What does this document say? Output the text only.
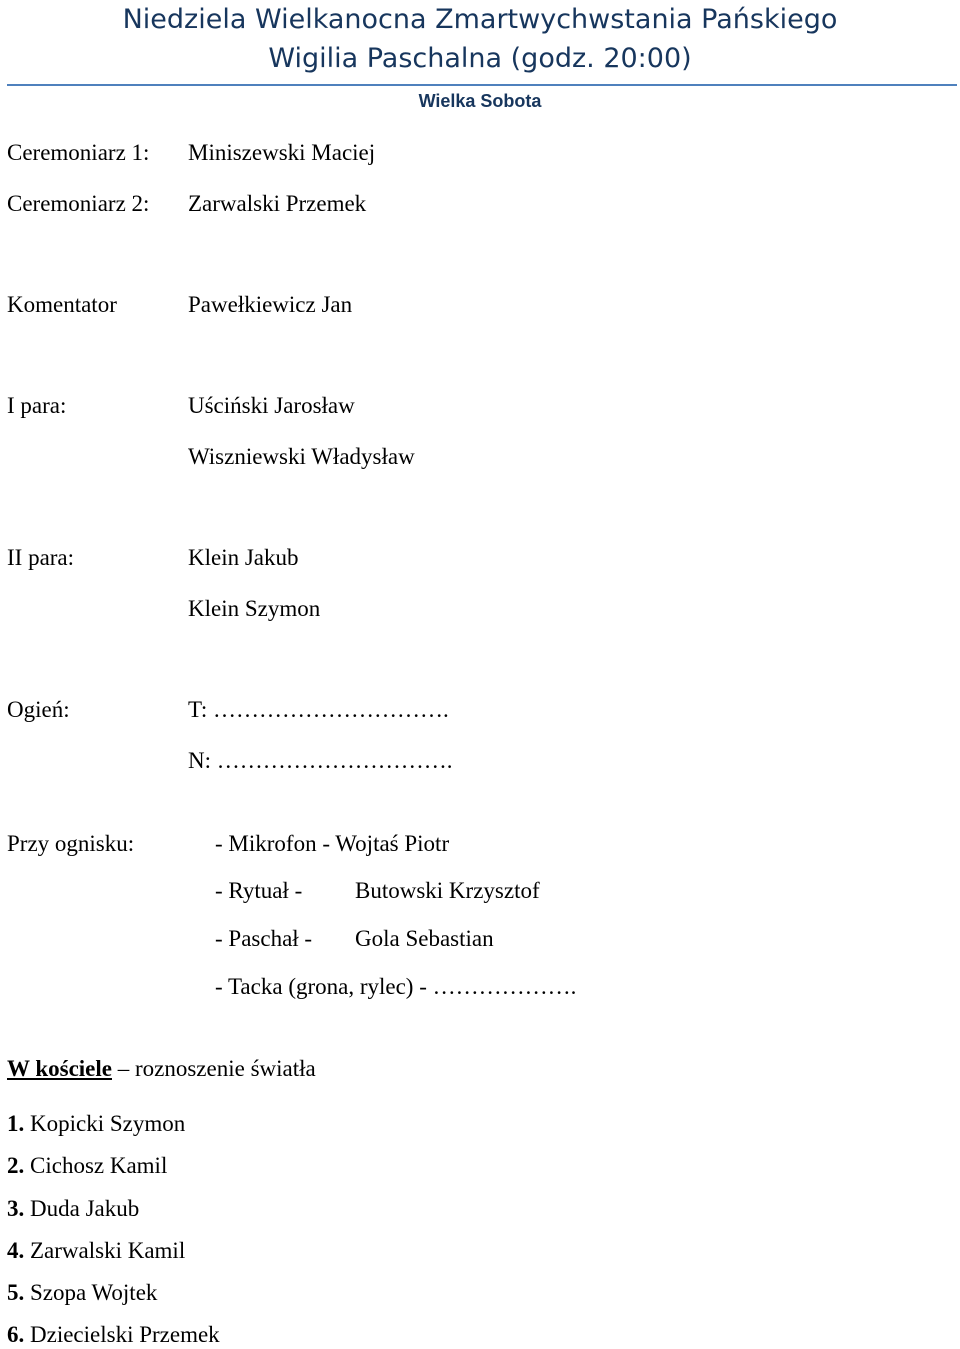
Niedziela Wielkanocna Zmartwychwstania Pańskiego
Wigilia Paschalna (godz. 20:00)
Wielka Sobota
Ceremoniarz 1: Miniszewski Maciej
Ceremoniarz 2: Zarwalski Przemek
Komentator	Pawełkiewicz Jan
I para:	Uściński Jarosław
Wiszniewski Władysław
II para:	Klein Jakub
Klein Szymon
Ogień:	T: ………………………….
N: ………………………….
Przy ognisku:	- Mikrofon - Wojtaś Piotr
- Rytuał - Butowski Krzysztof
- Paschał - Gola Sebastian
- Tacka (grona, rylec) - ……………….
W kościele – roznoszenie światła
1. Kopicki Szymon
2. Cichosz Kamil
3. Duda Jakub
4. Zarwalski Kamil
5. Szopa Wojtek
6. Dziecielski Przemek
